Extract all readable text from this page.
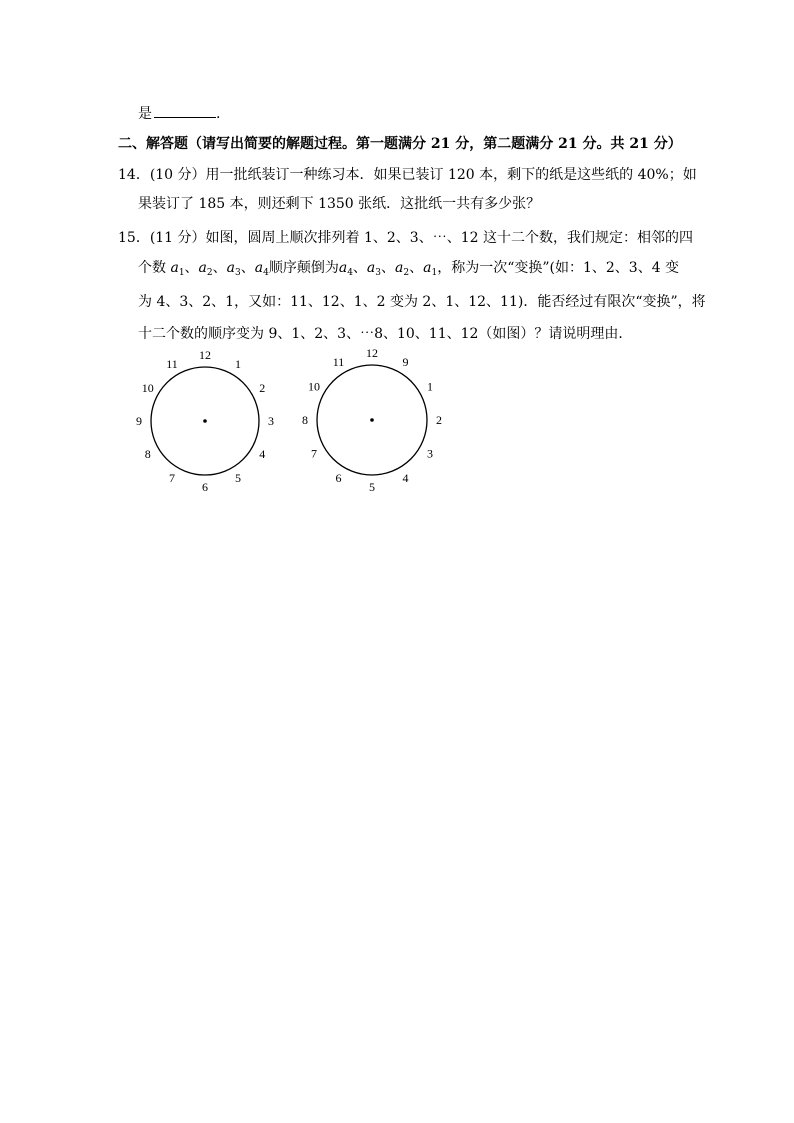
是	.
二、解答题（请写出简要的解题过程。第一题满分 21 分，第二题满分 21 分。共 21 分）
14．(10 分）用一批纸装订一种练习本．如果已装订 120 本，剩下的纸是这些纸的 40%；如
果装订了 185 本，则还剩下 1350 张纸．这批纸一共有多少张？
15．(11 分）如图，圆周上顺次排列着 1、2、3、⋯、12 这十二个数，我们规定：相邻的四
个数 $a_1$、$a_2$、$a_3$、$a_4$顺序颠倒为$a_4$、$a_3$、$a_2$、$a_1$，称为一次“变换”(如：1、2、3、4 变
为 4、3、2、1，又如：11、12、1、2 变为 2、1、12、11)．能否经过有限次“变换”，将
十二个数的顺序变为 9、1、2、3、⋯8、10、11、12（如图）？请说明理由．
12
1
2
3
4
5
6
7
8
9
10
11
12
9
1
2
3
4
5
6
7
8
10
11
